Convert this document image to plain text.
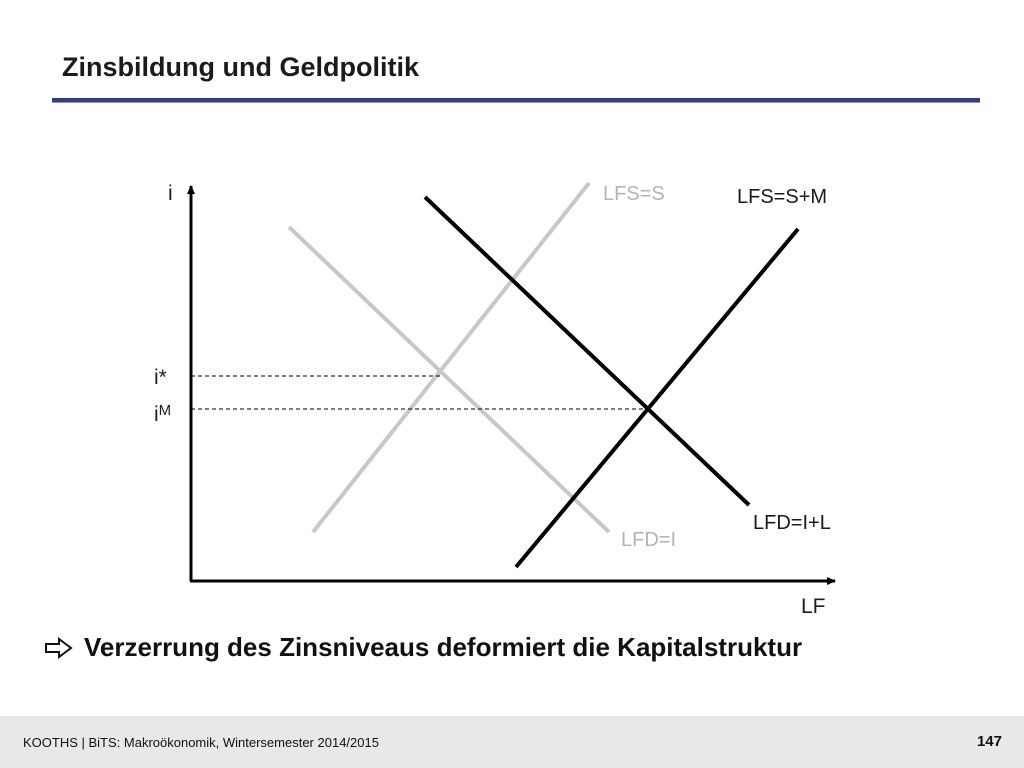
Zinsbildung und Geldpolitik
i
LF
i*
$i^M$
LFS=S	LFS=S+M
LFD=I+L
LFD=I
Verzerrung des Zinsniveaus deformiert die Kapitalstruktur
KOOTHS | BiTS: Makroökonomik, Wintersemester 2014/2015	147
